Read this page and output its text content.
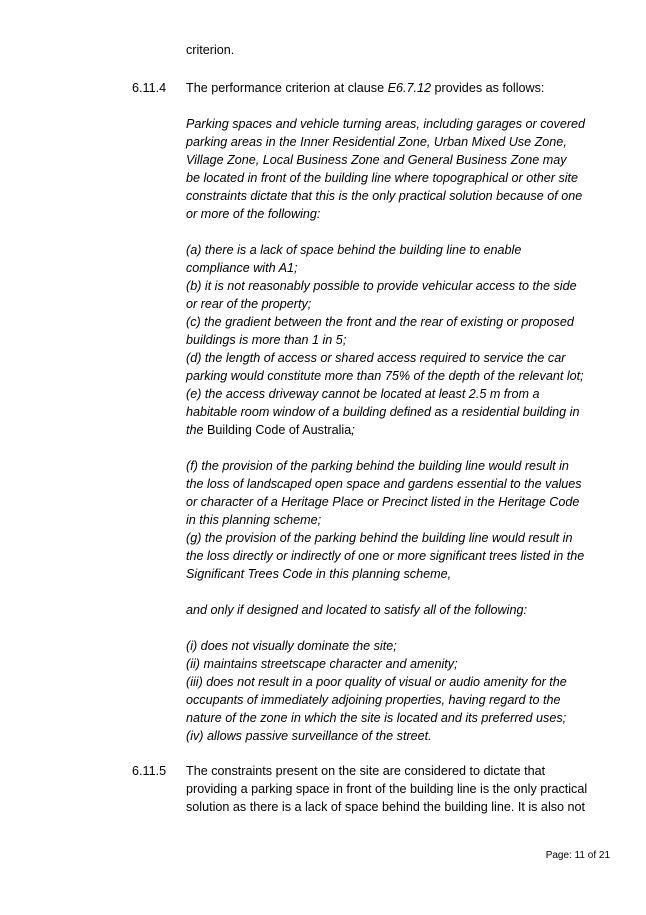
criterion.
6.11.4 The performance criterion at clause E6.7.12 provides as follows:
Parking spaces and vehicle turning areas, including garages or covered
parking areas in the Inner Residential Zone, Urban Mixed Use Zone,
Village Zone, Local Business Zone and General Business Zone may
be located in front of the building line where topographical or other site
constraints dictate that this is the only practical solution because of one
or more of the following:
(a) there is a lack of space behind the building line to enable
compliance with A1;
(b) it is not reasonably possible to provide vehicular access to the side
or rear of the property;
(c) the gradient between the front and the rear of existing or proposed
buildings is more than 1 in 5;
(d) the length of access or shared access required to service the car
parking would constitute more than 75% of the depth of the relevant lot;
(e) the access driveway cannot be located at least 2.5 m from a
habitable room window of a building defined as a residential building in
the Building Code of Australia;
(f) the provision of the parking behind the building line would result in
the loss of landscaped open space and gardens essential to the values
or character of a Heritage Place or Precinct listed in the Heritage Code
in this planning scheme;
(g) the provision of the parking behind the building line would result in
the loss directly or indirectly of one or more significant trees listed in the
Significant Trees Code in this planning scheme,
and only if designed and located to satisfy all of the following:
(i) does not visually dominate the site;
(ii) maintains streetscape character and amenity;
(iii) does not result in a poor quality of visual or audio amenity for the
occupants of immediately adjoining properties, having regard to the
nature of the zone in which the site is located and its preferred uses;
(iv) allows passive surveillance of the street.
6.11.5 The constraints present on the site are considered to dictate that
providing a parking space in front of the building line is the only practical
solution as there is a lack of space behind the building line. It is also not
Page: 11 of 21
